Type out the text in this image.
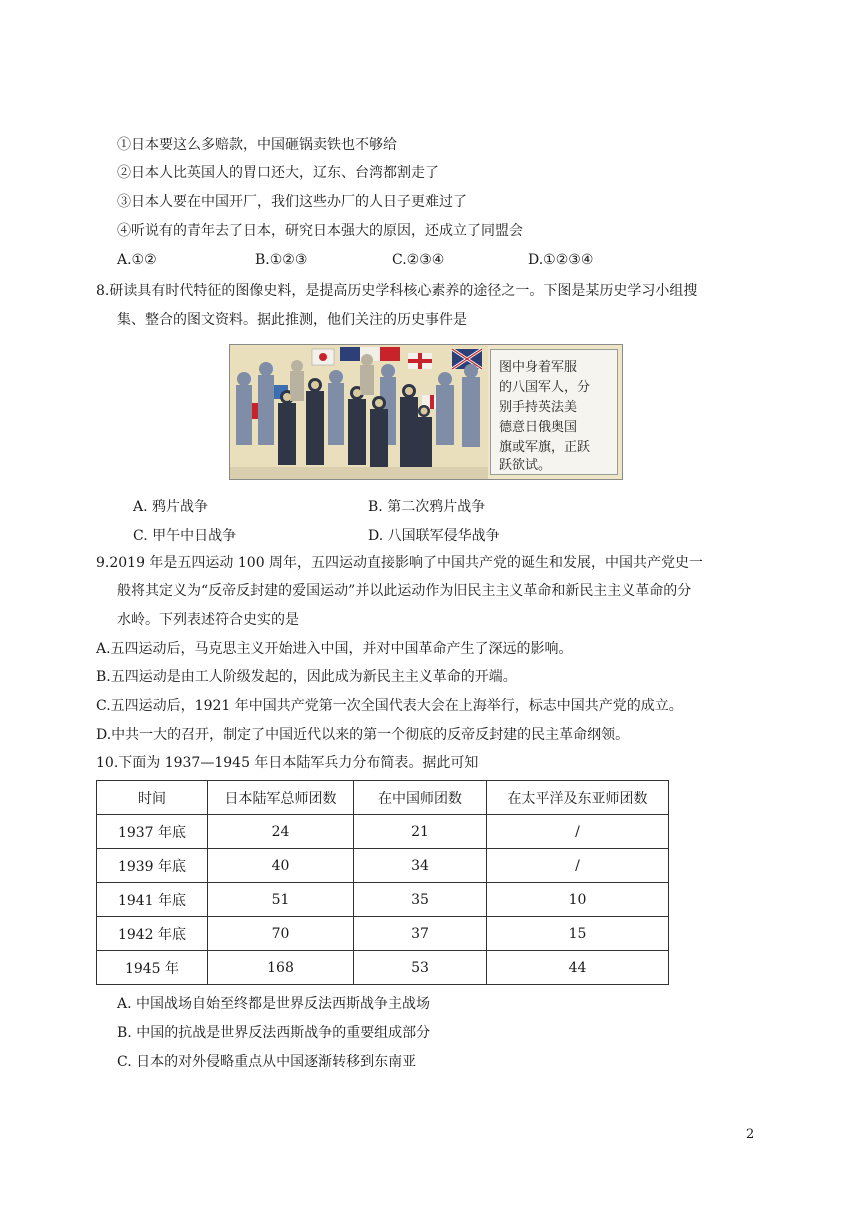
①日本要这么多赔款，中国砸锅卖铁也不够给
②日本人比英国人的胃口还大，辽东、台湾都割走了
③日本人要在中国开厂，我们这些办厂的人日子更难过了
④听说有的青年去了日本，研究日本强大的原因，还成立了同盟会
A.①②	B.①②③	C.②③④	D.①②③④
8.研读具有时代特征的图像史料，是提高历史学科核心素养的途径之一。下图是某历史学习小组搜
集、整合的图文资料。据此推测，他们关注的历史事件是
图中身着军服
的八国军人，分
别手持英法美
德意日俄奥国
旗或军旗，正跃
跃欲试。
A. 鸦片战争	B. 第二次鸦片战争
C. 甲午中日战争	D. 八国联军侵华战争
9.2019 年是五四运动 100 周年，五四运动直接影响了中国共产党的诞生和发展，中国共产党史一
般将其定义为“反帝反封建的爱国运动”并以此运动作为旧民主主义革命和新民主主义革命的分
水岭。下列表述符合史实的是
A.五四运动后，马克思主义开始进入中国，并对中国革命产生了深远的影响。
B.五四运动是由工人阶级发起的，因此成为新民主主义革命的开端。
C.五四运动后，1921 年中国共产党第一次全国代表大会在上海举行，标志中国共产党的成立。
D.中共一大的召开，制定了中国近代以来的第一个彻底的反帝反封建的民主革命纲领。
10.下面为 1937—1945 年日本陆军兵力分布简表。据此可知
时间	日本陆军总师团数	在中国师团数	在太平洋及东亚师团数
1937 年底	24	21	/
1939 年底	40	34	/
1941 年底	51	35	10
1942 年底	70	37	15
1945 年	168	53	44
A. 中国战场自始至终都是世界反法西斯战争主战场
B. 中国的抗战是世界反法西斯战争的重要组成部分
C. 日本的对外侵略重点从中国逐渐转移到东南亚
2
